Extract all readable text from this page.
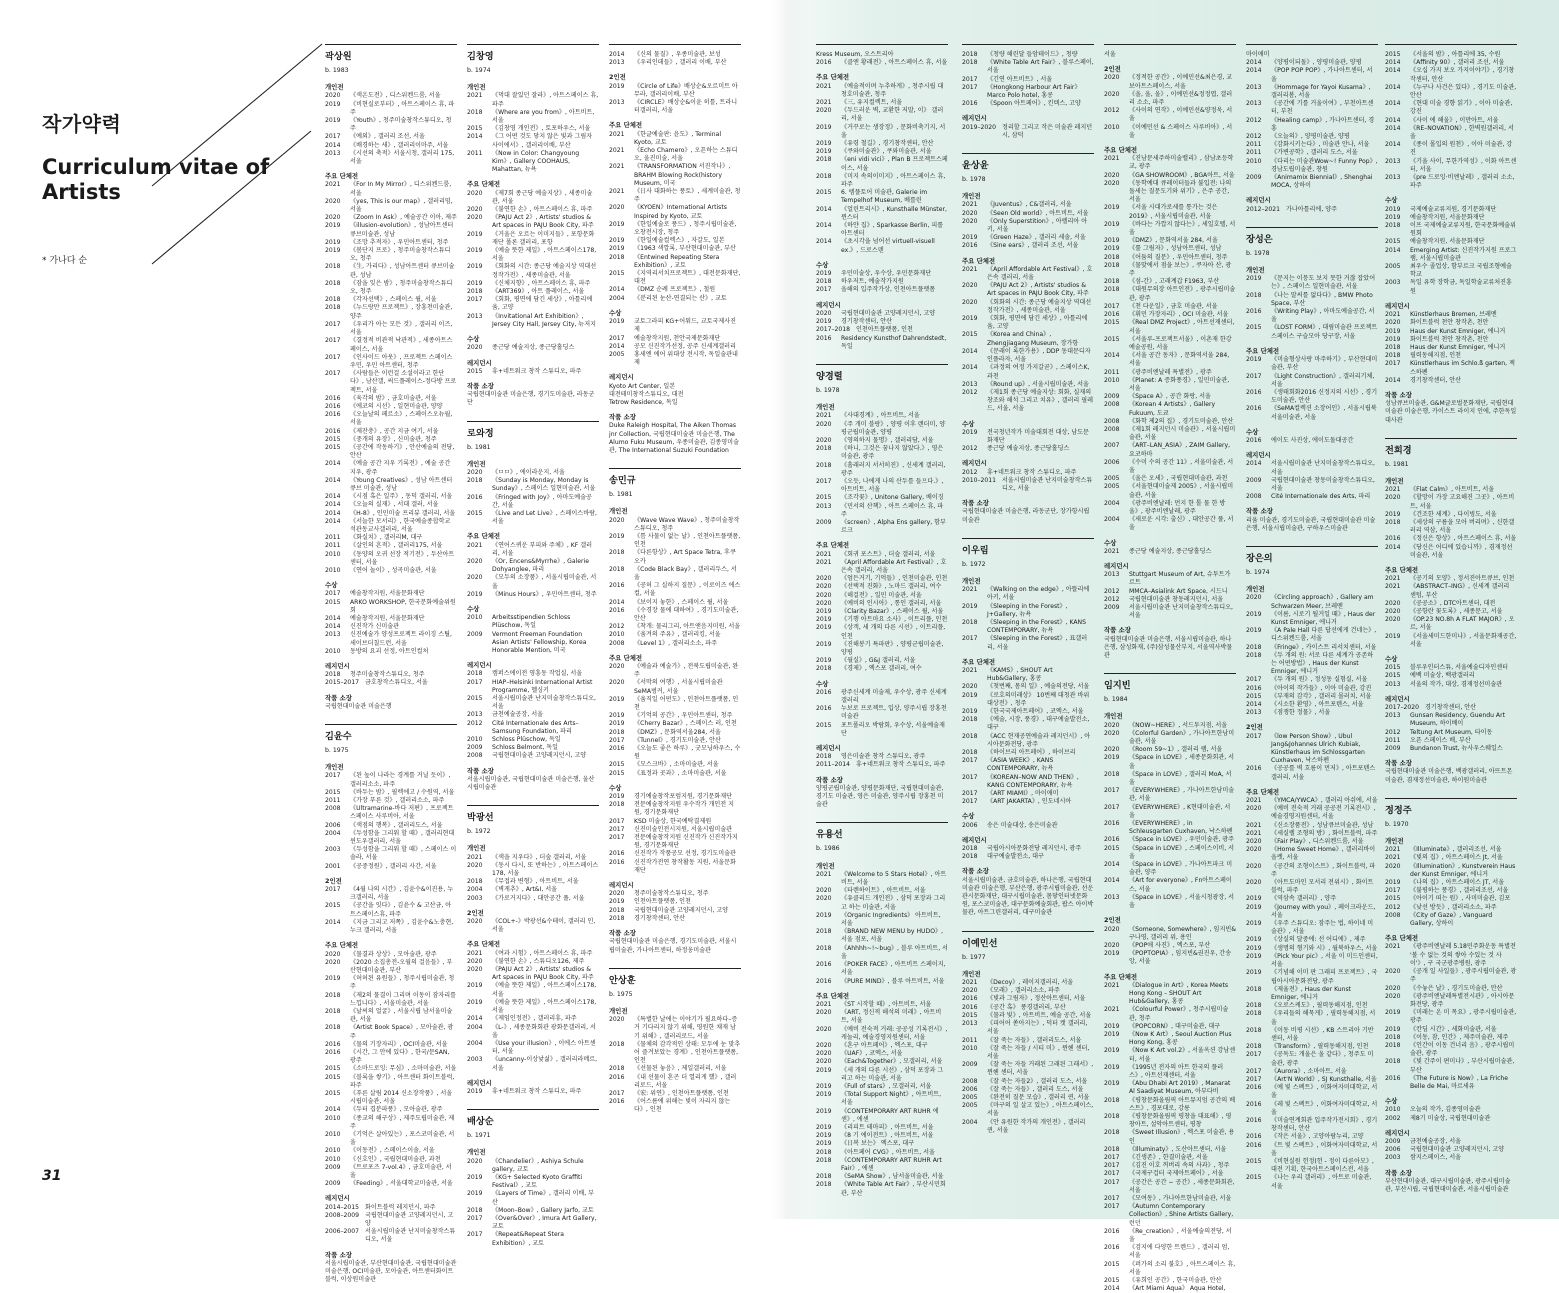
작가약력
Curriculum vitae of Artists

* 가나다 순

31

곽상원
b. 1983
개인전
2020	《색온도전》, 디스위켄드룸, 서울
2019	《비현실로부터》, 아트스페이스 휴, 파주
2019	《Youth》, 청주미술창작스튜디오, 청주
2017	《예외》, 갤러리 조선, 서울
2014	《배경하는 새》, 갤러리이마주, 서울
2013	《시선의 축적》서울시청, 갤러리 175, 서울
주요 단체전
2021	《For In My Mirror》, 디스위켄드룸, 서울
2020	《yes, This is our map》, 갤러리밈, 서울
2020	《Zoom In Ask》, 예술공간 이아, 제주
2019	《illusion-evolution》, 성남아트센터 큐브미술관, 성남
2019	《조망 추적자》, 우민아트센터, 청주
2019	《봄단지 프로》, 청주미술창작스튜디오, 청주
2018	《生, 가리다》, 성남아트센터 큐브미술관, 성남
2018	《잠을 잊은 밤》, 청주미술창작스튜디오, 청주
2018	《각자선택》, 스페이스 윌, 서울
2018	《누드랑만 프로젝트》, 장흥천미술관, 양주
2017	《우리가 아는 모든 것》, 갤러리 이즈, 서울
2017	《결정적 비관적 낙관적》, 세종아트스페이스, 서울
2017	《인사이드 아웃》, 프로젝트 스페이스 우민, 우민 아트센터, 청주
2017	《사람들은 이런걸 소설이라고 한단다》, 남산갤, 써드플레이스-정다방 프로젝트, 서울
2016	《육각의 밤》, 금호미술관, 서울
2016	《에코의 시선》, 일현미술관, 양양
2016	《오늘날의 페르소》, 스페이스오뉴월, 서울
2016	《제잔충》, 공간 지금 여기, 서울
2015	《중개의 유장》, 신미술관, 청주
2015	《공간에 작동하기》, 안산예술의 전당, 안산
2014	《예술 공간 지우 기록전》, 예술 공간 지우, 광주
2014	《Young Creatives》, 성남 아트센터 큐브 미술관, 성남
2014	《시점 혹은 일주》, 동덕 갤러리, 서울
2014	《오늘의 실재》, 서대 갤러, 서울
2014	《H-8》, 인민미술 프리뷰 갤러리, 서울
2014	《서늘한 모서리》, 한국예술종합학교 석관동교사갤러리, 서울
2011	《화실치》, 갤러리M, 대구
2011	《살인의 흔적》, 갤러리175, 서울
2010	《동양의 오귀 선장 적기전》, 두산아트센터, 서울
2010	《연어 놀이》, 성곡미술관, 서울
수상
2017	예술창작지원, 서울문화재단
2015	ARKO WORKSHOP, 한국문화예술위원회
2014	예술창작지원, 서울문화재단
2014	신진작가 신미술관
2013	신진예술가 양성프로젝트 라이징 스틸, 세이브더칠드런, 서울
2010	동방의 요괴 선정, 아트인컬처
레지던시
2018	청주미술창작스튜디오, 청주
2015–2017 금호창작스튜디오, 서울
작품 소장
국립현대미술관 미술은행
김윤수
b. 1975
개인전
2017	《된 높이 나라는 경계를 거닐 듯이》, 갤러리소소, 파주
2015	《바두는 밤》, 필렉에고 / 수원역, 서울
2011	《가장 푸른 것》, 갤러리소소, 파주
2008	《Ultramarine-바다 저편》, 프로젝트스페이스 사루비아, 서울
2006	《색점의 행복》, 갤러리도스, 서울
2004	《두성함을 그리워 할 때》, 갤러리현대 윈도우갤러리, 서울
2003	《두성함을 그리워 할 때》, 스페이스 이솔라, 서울
2001	《공중정원》, 갤러리 사간, 서울
2인전
2017	《4월 나의 시간》, 김윤수&이진용, 누크갤러리, 서울
2015	《공간을 잇다》, 김윤수 & 고산금, 아트스페이스휴, 파주
2014	《지금 그리고 저쪽》, 김윤수&노충현, 누크 갤러리, 서울
주요 단체전
2020	《물결과 상상》, 모아술관, 광주
2020	《2020 소집총전-오월의 걸음들》, 부산현대미술관, 부산
2019	《허허된 유원들》, 청주시립미술관, 청주
2018	《제2의 물결이 그리며 이동이 잠자리를 느낍니다》, 서울미술관, 서울
2018	《날씨의 얼굴》, 서울시립 남서울미술관, 서울
2018	《Artist Book Space》, 모아술관, 광주
2016	《물의 기장자리》, OCI미술관, 서울
2016	《시간, 그 안에 있다》, 한국/문SAN, 광주
2015	《소마드로잉: 무심》, 소마미술관, 서울
2015	《블록을 쌓기》, 아트센터 화이트블럭, 파주
2015	《푸른 살림 2014 신소장작품》, 서울시립미술관, 서울
2014	《두터 겹분파풍》, 모아술관, 광주
2010	《종교의 해구상》, 제주도립미술관, 제주
2010	《기억은 살아있는》, 포스코미술관, 서울
2010	《이동전》, 스페이스이솔, 서울
2010	《신호인》, 국립현대미술관, 과천
2009	《트로포즈 7-vol.4》, 금호미술관, 서울
2009	《Feeding》, 서울대학교미술관, 서울
레지던시
2014–2015 화이트블럭 레지던시, 파주
2008–2009 국립현대미술관 고양레지던시, 고양
2006–2007 서울시립미술관 난지미술창작스튜디오, 서울
작품 소장
서울시립미술관, 부산현대미술관, 국립현대미술관 미술은행, OCI미술관, 모아술관, 아트센터화이트블럭, 이상원미술관
김창영
b. 1974
개인전
2021	《먹대 잘있던 잘라》, 아트스페이스 휴, 파주
2018	《Where are you from》, 아트비트, 서울
2015	《김창영 개인전》, 토포하우스, 서울
2014	《그 어떤 것도 닿지 않은 빛과 그림자 사이에서》, 갤러리이배, 부산
2011	《Now in Color: Changyoung Kim》, Gallery COOHAUS, Mahattan, 뉴욕
주요 단체전
2020	《제7회 종근당 예술지상》, 세종미술관, 서울
2020	《불연한 손》, 아트스페이스 휴, 파주
2020	《PAJU Act 2》, Artists' studios & Art spaces in PAJU Book City, 파주
2019	《거울은 오르는 이미지들》, 포항문화재단 폴론 갤러리, 포항
2019	《예술 뜻한 제일》, 아트스페이스178, 서울
2019	《회화의 시간: 종근당 예술지상 역대선정작가전》, 세종미술관, 서울
2019	《신체지향》, 아트스페이스 휴, 파주
2018	《ART369》, 아트 플레이스, 서울
2017	《회화, 평면에 담긴 세상》, 아틀리에움, 고양
2013	《Invitational Art Exhibition》, Jersey City Hall, Jersey City, 뉴저지
수상
2020	종근당 예술지상, 종근당홀딩스
레지던시
2015	휴+네트워크 창작 스튜디오, 파주
작품 소장
국립현대미술관 미술은행, 경기도미술관, 라동군단
로와정
b. 1981
개인전
2020	《ㅁㅁ》, 에이라운지, 서울
2018	《Sunday is Monday, Monday is Sunday》, 스페이스 일현미술관, 서울
2016	《Fringed with Joy》, 아마도예술공간, 서울
2015	《Live and Let Live》, 스페이스바람, 서울
주요 단체전
2021	《연어스퀴운 부피와 주체》, KF 갤러리, 서울
2020	《Or, Encens&Myrrhe》, Galerie Dohyanglee, 파리
2020	《모두의 소장품》, 서울시립미술관, 서울
2019	《Minus Hours》, 우민아트센터, 청주
수상
2010	Arbeitsstipendien Schloss Plüschow, 독일
2009	Vermont Freeman Foundation Asian Artists' Fellowship, Korea Honorable Mention, 미국
레지던시
2018	캠퍼스에이전 영흥동 작업실, 서울
2017	HIAP–Helsinki International Artist Programme, 헬싱키
2015	서울시립미술관 난지미술창작스튜디오, 서울
2013	금천예술공장, 서울
2012	Cité Internationale des Arts–Samsung Foundation, 파리
2010	Schloss Plüschow, 독일
2009	Schloss Belmont, 독일
2008	국립현대미술관 고양레지던시, 고양
작품 소장
서울시립미술관, 국립현대미술관 미술은행, 울산시립미술관
박광선
b. 1972
개인전
2021	《색을 지우다》, 더숲 갤러리, 서울
2020	《동시 다시, 또 반하는》, 아트스페이스178, 서울
2018	《무접과 변형》, 아트비트, 서울
2004	《벽게추》, Art&I, 서울
2003	《가로거지다》, 대안공간 풀, 서울
2인전
2020	《COL+-》박광선&수테이, 갤러리 인, 서울
주요 단체전
2021	《여과 시험》, 아트스페이스 휴, 파주
2020	《불연한 손》, 스튜디오126, 제주
2020	《PAJU Act 2》, Artists' studios & Art spaces in PAJU Book City, 파주
2019	《예술 뜻한 제일》, 아트스페이스178, 서울
2019	《예술 뜻한 제일》, 아트스페이스178, 서울
2014	《제임인정전》, 갤러리휴, 파주
2004	《L-》, 세종문화회관 광화문갤러리, 서울
2004	《Use your illusion》, 이에스 아트센터, 서울
2003	《uncanny-이상낯섦》, 갤러리라메르, 서울
레지던시
2019	휴+네트워크 창작 스튜디오, 파주
배상순
b. 1971
개인전
2020	《Chandelier》, Ashiya Schule gallery, 교토
2019	《KG+ Selected Kyoto Graffiti Festival》, 교토
2019	《Layers of Time》, 갤러리 이배, 부산
2018	《Moon–Bow》, Gallery Jarfo, 교토
2017	《Over&Over》, Imura Art Gallery, 교토
2017	《Repeat&Repeat Stera Exhibition》, 교토
2014	《신의 물질》, 우종미술관, 보성
2013	《우리인데들》, 갤러리 이배, 부산
2인전
2019	《Circle of Life》배상순&오르미트 아무라, 갤러리이배, 부산
2013	《CIRCLE》배상순&이윤 히틀, 트라니터갤러리, 서울
주요 단체전
2021	《한글예술판: 윤도》, Terminal Kyoto, 교토
2021	《Echo Chamero》, 오픈하는 스튜디오, 울진미술, 서울
2021	《TRANSFORMATION 서진작나》, BRAHM Blowing Rock(history Museum, 미국
2021	《日사 대화하는 풍토》, 세계미술관, 청주
2020	《KYOEN》International Artists Inspired by Kyoto, 교토
2019	《한일예술로 풍드》, 청주시립미술관, 오창전시장, 청주
2019	《한일예술컬렉스》, 자갈도, 일본
2019	《1963 색깔록, 부산현대미술관, 부산
2018	《Entwined Repeating Stera Exhibition》, 교토
2015	《지역리서치프로젝트》, 대전문화재단, 대전
2014	《DMZ 순례 프로젝트》, 철원
2004	《분리된 눈산-연결되는 산》, 교토
수상
2019	교토그라피 KG+어워드, 교토국제사진제
2017	예술창작지원, 천안국제문화재단
2014	공모 신진작가선정, 공주 신세계갤러리
2005	홍세엔 에어 위대상 전시작, 독일술관내제
레지던시
Kyoto Art Center, 일본
대전테미창작스튜디오, 대전
Tetrow Residence, 독일
작품 소장
Duke Raleigh Hospital, The Aiken Thomas jnr Collection, 국립현대미술관 미술은행, The Alumo Fuku Museum, 우종미술관, 김종영미술관, The International Suzuki Foundation
송민규
b. 1981
개인전
2020	《Wave Wave Wave》, 청주미술창작스튜디오, 청주
2019	《틈 사물이 없는 날》, 인천아트플랫폼, 인천
2018	《다른항상》, Art Space Tetra, 후쿠오카
2018	《Code Black Bay》, 갤러리두스, 서울
2016	《공허 그 실하지 질문》, 이로이즈 에스컬, 서울
2014	《보이지 놓한》, 스페이스 윌, 서울
2016	《수경장 물에 대하여》, 경기도미술관, 안산
2012	《착개: 물리그리, 아트앤음지미원, 서울
2010	《움겨의 주유》, 갤러리킹, 서울
2008	《Level 1》, 갤러리소소, 파주
주요 단체전
2020	《예술과 예술가》, 전북도립미술관, 완주
2020	《서막의 여행》, 서울시립미술관 SeMA벙커, 서울
2019	《움직일 어떤도》, 인천아트플랫폼, 인천
2019	《기억의 공간》, 우민아트센터, 청주
2019	《Cherry Bazar》, 스페이스 러, 인천
2018	《DMZ》, 문화역서울284, 서울
2017	《Tunnel》, 경기도미술관, 안산
2016	《오늘도 좋은 하루》, 굿모닝하우스, 수원
2015	《모스크바》, 소마미술관, 서울
2015	《표정과 곳과》, 소마미술관, 서울
수상
2019	경기예술창작포럼지원, 경기문화재단
2018	전문예술창작지원 우수작가 개인전 지원, 경기문화재단
2017	KSD 미술상, 한국예탁결제원
2017	신진미술인전시지원, 서울시립미술관
2017	전문예술창작지원 신진작가 신진작가지원, 경기문화재단
2016	신진작가 작품공모 선정, 경기도미술관
2016	신진작가전연 창작활동 지원, 서울문화재단
레지던시
2020	청주미술창작스튜디오, 청주
2019	인천아트플랫폼, 인천
2018	국립현대미술관 고양레지던시, 고양
2018	경기창작센터, 안산
작품 소장
국립현대미술관 미술은행, 경기도미술관, 서울시립미술관, 가나아트센터, 하정웅미술관
안상훈
b. 1975
개인전
2020	《특별한 날에는 이야기가 필요하다–증거 기다리지 않기 위해, 영원한 채재 남기 위해》, 갤러리로드, 서울
2018	《물체의 감각적인 상태: 모두에 눈 맞추어 즐겨보았는 경계》, 인천아트플랫폼, 인천
2018	《선물된 놓음》, 제일갤러리, 서울
2016	《내 선물이 혼곤 더 열리게 했》, 갤러리로드, 서울
2017	《宏: 위연》, 인천아트플랫폼, 인천
2016	《어스름에 위해는 빛이 자리지 않는다》, 인천
Kress Museum, 오스트리아
2016	《클엔 황래전》, 아트스페이스 휴, 서울
주요 단체전
2021	《예술적이며 누추하게》, 청주시립 대청호미술관, 청주
2021	《三, 유지컬렉트, 서울
2020	《두드러운 벽, 교환한 저말, 이》 갤러리, 서울
2019	《거꾸로는 생장정》, 문화비축기지, 서울
2019	《유령 철길》, 경기창작센터, 안산
2019	《쿠와미술관》, 쿠와미술관, 서울
2018	《eni vidi vici》, Plan B 프로젝트스페이스, 서울
2018	《미지 속의이미지》, 아트스페이스 휴, 파주
2015	6. 템플토어 미술관, Galerie im Tempelhof Museum, 베를린
2014	《얼린트리시》, Kunsthalle Münster, 뮌스터
2014	《하얀 집》, Sparkasse Berlin, 피롤아트센터
2014	《초시각을 넘어선 virtuell-visuell ex.》, 드로스덴
수상
2019	우민미술상, 우수상, 우민문화재단
2018	하우저트, 예술작가지원
2017	올해의 입주작가상, 인천아트플랫폼
레지던시
2020	국립현대미술관 고양레지던시, 고양
2019	경기창작센터, 안산
2017–2018 인천아트플랫폼, 인천
2016	Residency Kunsthof Dahrendstedt, 독일
양경렬
b. 1978
개인전
2021	《사대경계》, 아트비트, 서울
2020	《주 개미 블랑》, 양평 이후 랜더미, 양평군립미술관, 양평
2020	《영의하지 물명》, 갤러리담, 서울
2018	《하니, 그것은 꿈나지 않았다.》, 영은미술관, 광주
2018	《흘래러지 서서히진》, 신세계 갤러리, 광주
2017	《오듯, 나에게 나의 산두를 들으다.》, 아트비트, 서울
2015	《조각꽃》, Unitone Gallery, 베이징
2013	《민서의 산책》, 아트 스페이스 휴, 파주
2009	《screen》, Alpha Ens gallery, 함부르크
주요 단체전
2021	《회귀 포스트》, 더숲 갤러리, 서울
2021	《April Affordable Art Festival》, 호은속 갤러리, 서울
2020	《엄든거기, 기억들》, 인천미술관, 인천
2020	《선택적 진화》, 노마드 갤러리, 여수
2020	《해걸전》, 일민 미술관, 서울
2020	《예비의 인시아》, 통인 갤러리, 서울
2019	《Clarity Bazar》, 스페이스 윌, 서울
2019	《기행 아트마요 소사》, 이트리플, 인천
2019	《상객, 세 개의 다른 시선》, 이트리플, 인천
2019	《진해봉기 특파판》, 양평군립미술관, 양평
2019	《월실》, G&J 갤러리, 서울
2018	《경제》, 엑스포 갤러리, 여수
수상
2016	광주신세계 미술제, 우수상, 광주 신세계갤러리
2016	누보로 프로젝트, 입상, 양주시립 장홍천 미술관
2015	포트폴리오 박람회, 우수상, 서울예술재단
레지던시
2018	영은미술관 창작 스튜디오, 광주
2011–2014 휴+네트워크 창작 스튜디오, 파주
작품 소장
양평군립미술관, 양평문화재단, 국립현대미술관, 경기도 미술관, 영은 미술관, 양주시립 장홍천 미술관
유용선
b. 1986
개인전
2021	《Welcome to 5 Stars Hotel》, 아트비트, 서울
2020	《타렌하이트》, 아트비트, 서울
2020	《유클리드 개인전》, 삼덕 포장과 그리고 하는 미술관, 서울
2019	《Organic Ingredients》 아트비트, 서울
2018	《BRAND NEW MENU by HUDO》, 서울 점포, 서울
2018	《Ahhhh~!~bug》, 블루 아트비트, 서울
2016	《POKER FACE》, 아트비트 스페이지, 서울
2016	《PURE MIND》, 블루 아트비트, 서울
주요 단체전
2021	《ST 시작할 때》, 아트비트, 서울
2020	《ART, 정신적 해석의 미래》, 아트비트, 서울
2020	《예비 전숙적 거래: 공공성 기록전시》, 캐놀리, 예술경영지원센터, 서울
2020	《혼구 아트페어》, 엑스포, 대구
2020	《UAF》, 코엑스, 서울
2020	《Each&Together》, 모갤러리, 서울
2019	《세 개의 다른 시선》, 삼덕 포장과 그리고 하는 미술관, 서울
2019	《Full of stars》, 모갤러리, 서울
2019	《Total Support Night》, 아트비트, 서울
2019	《CONTEMPORARY ART RUHR 에센》, 에센
2019	《리피트 테마피》, 아트비트, 서울
2019	《8 기 에이전트》, 아트비트, 서울
2019	《日복 보는》 엑스포, 대구
2018	《아트페어 CVG》, 아트비트, 서울
2018	《CONTEMPORARY ART RUHR Art Fair》, 에센
2018	《SeMA Show》, 남서울미술관, 서울
2018	《White Table Art Fair》, 부산시민회관, 부산
2018	《청량 해린달 들암테이드》, 청량
2018	《White Table Art Fair》, 블루스페이, 서울
2017	《긴연 아트비트》, 서울
2017	《Hongkong Harbour Art Fair》 Marco Polo hotel, 홍콩
2016	《Spoon 아트페어》, 킨텍스, 고양
레지던시
2019–2020 정리할 그리고 작은 미술관 레지던시, 삼덕
윤상윤
b. 1978
개인전
2021	《Juventus》, C&갤러리, 서울
2020	《Seen Old world》, 아트비트, 서울
2020	《Only Superstition》, 아렐리아 아키, 서울
2019	《Green Haze》, 갤러리 세솔, 서울
2016	《Sine ears》, 갤러리 조선, 서울
주요 단체전
2021	《April Affordable Art Festival》, 호은속 갤러리, 서울
2020	《PAJU Act 2》, Artists' studios & Art spaces in PAJU Book City, 파주
2020	《회화의 시간: 종근당 예술지상 역대선정작가전》, 세종미술관, 서울
2019	《회화, 평면에 담긴 세상》, 아틀리에움, 고양
2015	《Korea and China》, Zhengjiagang Museum, 장가항
2014	《문래이 록한가용》, DDP 동대문디자인플라자, 서울
2014	《과정의 여정 가지갈곧》, 스페이스K, 과천
2013	《Round up》, 서울시립미술관, 서울
2012	《제1회 종근당 예술지상: 회화, 실재의 창조와 해석 그리고 치유》, 갤러리 필레드, 서울, 서울
수상
2019	전국청년작가 미술대회전 대상, 남도문화재단
2012	종근당 예술지상, 종근당홀딩스
레지던시
2012	휴+네트워크 창작 스튜디오, 파주
2010–2011 서울시립미술관 난지미술창작스튜디오, 서울
작품 소장
국립현대미술관 미술은행, 라동군단, 장가항시립미술관
이우림
b. 1972
개인전
2021	《Walking on the edge》, 아뜰리에 아키, 서울
2019	《Sleeping in the Forest》, J+Gallery, 뉴욕
2018	《Sleeping in the Forest》, KANS CONTEMPORARY, 뉴욕
2017	《Sleeping in the Forest》, 표갤러리, 서울
주요 단체전
2021	《KAMS》, SHOUT Art Hub&Gallery, 홍콩
2020	《첫번째, 몸의 일》, 예술의전당, 서울
2019	《로호의미래상》 10번째 대청관 바위 대상전》, 청주
2019	《한국국제아트페어》, 코엑스, 서울
2018	《예술, 시장, 풍경》, 대구예술발전소, 대구
2018	《ACC 현재공연예술과 레지던시》, 아시아문화전당, 광주
2018	《하이브리 아트페어》, 하이브리
2017	《ASIA WEEK》, KANS CONTEMPORARY, 뉴욕
2017	《KOREAN–NOW AND THEN》, KANG CONTEMPORARY, 뉴욕
2017	《ART MIAMI》, 마이애미
2017	《ART JAKARTA》, 인도네시아
수상
2006	송은 미술대상, 송은미술관
레지던시
2018	국립아시아문화전당 레지던시, 광주
2018	대구예술발전소, 대구
작품 소장
서울시립미술관, 금호미술관, 하나은행, 국립현대미술관 미술은행, 부산은행, 광주시립미술관, 선운관시문화재단, 대구시립미술관, 몸닿인터넷문화원, 포스코미술관, 대구문화예술회관, 팝스 아이박물관, 아트그린갤러리, 대구미술관
이예민선
b. 1977
개인전
2021	《Decoy》, 레이지갤러리, 서울
2020	《모래》, 갤러리소소, 파주
2016	《빛과 그림자》, 정산아트센터, 서울
2016	《공간 혹》 풍경갤러리, 부산
2015	《물과 빛》, 아트비트, 예술 공간, 서울
2013	《피어어 쏟아지는》, 덕터 캣 갤러리, 서울
2011	《잘 죽는 자들》, 갤러리도스, 서울
2010	《잘 죽는 자들 / 시티 미》, 뮌헨 센터, 서울
2009	《잘 죽는 자들 거래된 그래된 그래서》, 뮌헨 센터, 서울
2008	《잘 죽는 자들2》, 갤러리 도스, 서울
2006	《잘 죽는 자들》, 갤러리 도스, 서울
2005	《완전히 질문 모습》, 갤러리 퀸, 서울
2005	《마구의 일 살고 있는》, 아트스페이스, 서울
2004	《안 유원한 작가의 개인전》, 갤러리 퀸, 서울
서울
2인전
2020	《정적한 공간》, 이예민선&최은경, 교보아트스페이스, 서울
2020	《올, 올, 올》, 이예민선&정정엽, 갤러리 소소, 파주
2012	《사이의 연작》, 이예민선&양정욱, 서울
2010	《이예민선 & 스페이스 사루비아》, 서울
주요 단체전
2021	《진남문세주하미술밸리》, 삼남초등학교, 광주
2020	《GA SHOWROOM》, BGA아트, 서울
2020	《동학예대 큐레이터들과 불입전: 나의 돌세는 질문도기와 위기》, 은주 공간, 서울
2019	《서울 시대가로세를 통가는 것은 2019》, 서울시립미술관, 서울
2019	《바다는 가깝지 않다는》, 세일호텔, 서울
2019	《DMZ》, 문화역서울 284, 서울
2019	《룰 그림자》, 성남아트센터, 성남
2018	《어둠의 질문》, 우민아트센터, 청주
2018	《물맞에서 점을 보는》, 쿠자아 산, 광주
2018	《섬-간》, 고래계갑 F1963, 부산
2018	《대원무의장 아트인전》, 광주시립미술관, 광주
2017	《천 다운일》, 금호 미술관, 서울
2016	《휘민 가장자리》, OCI 미술관, 서울
2015	《Real DMZ Project》, 아트선재센터, 서울
2015	《서울루-프로젝트서울》, 이촌재 한강예술공원, 서울
2014	《서울 공간 동자》, 문화역서울 284, 서울
2011	《광주비엔날레 특별전》, 광주
2010	《Planet: A 증화풍경》, 일민미술관, 서울
2009	《Space A》, 공간 화랑, 서울
2008	《Korean 4 Artists》, Gallery Fukuum, 도쿄
2008	《화학 제2의 집》, 경기도미술관, 안산
2008	《제1회 레지던시 미술관》, 서울시립미술관, 서울
2007	《ART–LAN_ASIA》, ZAIM Gallery, 요코하마
2006	《수미 수의 공간 11》, 서울미술관, 서울
2005	《울은 오세》, 국립현대미술관, 과천
2005	《서울현대미술제 2005》, 서울시립미술관, 서울
2004	《광주비엔날레: 먼지 한 톨 물 한 방울》, 광주비엔날레, 광주
2004	《새로운 시각: 출신》, 대안공간 풀, 서울
수상
2021	종근당 예술지상, 종근당홀딩스
레지던시
2013	Stuttgart Museum of Art, 슈투트가르트
2012	MMCA–Asialink Art Space, 시드니
2012	국립현대미술관 창동레지던시, 서울
2009	서울시립미술관 난지미술창작스튜디오, 서울
작품 소장
국립현대미술관 미술은행, 서울시립미술관, 하나은행, 삼성화재, (주)삼성물산부지, 서울역사박물관
임지빈
b. 1984
개인전
2020	《NOW~HERE》, 서드투지점, 서울
2020	《Colorful Garden》, 가나아트한남미술관, 서울
2020	《Room 59~1》, 갤러리 램, 서울
2019	《Space in LOVE》, 세종문화회관, 서울
2018	《Space in LOVE》, 갤러리 MoA, 서울
2017	《EVERYWHERE》, 가나아트한남미술관, 서울
2017	《EVERYWHERE》, K현대미술관, 서울
2016	《EVERYWHERE》, in Schleusgarten Cuxhaven, 낙스하펜
2016	《Space in LOVE》, 우민미술관, 광주
2015	《Space in LOVE》, 스페이스이비, 서울
2014	《Space in LOVE》, 가나아트파크 미술관, 양주
2014	《Art for everyone》, Fn아트스페이스, 서울
2013	《Space in LOVE》, 서울시청광장, 서울
2인전
2020	《Someone, Somewhere》, 임지빈&구나영, 갤러리 위, 용인
2020	《POP애 사진》, 엑스포, 부산
2019	《POPTOPIA》, 임지빈&권진우, 간송앙, 서울
주요 단체전
2021	《Dialogue in Art》, Korea Meets Hong Kong – SHOUT Art Hub&Gallery, 홍콩
2021	《Colourful Power》, 청주시립미술관, 청주
2019	《POPCORN》, 대구미술관, 대구
2019	《Now K Art》, Seoul Auction Plus Hong Kong, 홍콩
2019	《Now K Art vol.2》, 서울옥션 강남센터, 서울
2019	《1995년 전자의 아트 한국의 플러스》, 아트선재센터, 서울
2019	《Abu Dhabi Art 2019》, Manarat Al Saadiyat Museum, 아부다비
2018	《평창문화올림픽 아트뮤지엄 공간의 베스트》, 경포대로, 강릉
2018	《평창문화올림픽 평창을 대표해》, 평창아트, 설악아트센터, 평창
2018	《Sweet Illusion》, 엑스포 미술관, 용인
2018	《Illuminaty》, 도산아트센터, 서울
2017	《긴생존》, 한결미술관, 서울
2017	《김진 이호 꺼버리 속의 사과》, 청주
2017	《국제구겁터 국제아트페어》, 서울
2017	《공간은 공간 − 공간》, 세종문화회관, 서울
2017	《모여동》, 가나아트한남미술관, 서울
2017	《Autumn Contemporary Collection》, Shine Artists Gallery, 런던
2016	《Re_creation》, 서울예술의전당, 서울
2016	《검지에 다양한 트렌드》, 갤러리 엄, 서울
2015	《퍼가의 소리 불호》, 아트스페이스 휴, 서울
2015	《유희인 공간》, 한국미술관, 안산
2014	《Art Miami Aqua》 Aqua Hotel,
마이애미
2014	《양평이되돌》, 양평미술관, 양평
2014	《POP POP POP》, 가나아트센터, 서울
2013	《Hommage for Yayoi Kusama》, 갤러리봄, 서울
2013	《공간에 기를 거울이여》, 부천아트센터, 부천
2012	《Healing camp》, 가나아트센터, 경흥
2012	《오늘의》, 양평미술관, 양평
2011	《감화시키는다》, 미술관 안나, 서울
2011	《가변공학》, 갤러리 도스, 서울
2010	《다리는 미술관Wow~! Funny Pop》, 경남도립미술관, 창원
2009	《Animamix Biennial》, Shenghai MOCA, 상하이
레지던시
2012–2021 가나아틀리에, 양주
장성은
b. 1978
개인전
2019	《문지는 이뭉도 보지 못한 거잖 잡았어는》, 스페이스 일현미술관, 서울
2018	《나는 말씨를 없다다》, BMW Photo Space, 부산
2016	《Writing Play》, 아마도예술공간, 서울
2015	《LOST FORM》, 대림미술관 프로젝트 스페이스 구슬모아 당구장, 서울
주요 단체전
2019	《미술형상사랑 마주하기》, 부산현대미술관, 부산
2017	《Light Construction》, 갤러리기체, 서울
2016	《생태회화2016 신정지의 시선》, 경기도미술관, 안산
2016	《SeMA컬렉션 소장어인》, 서울시립북서울미술관, 서울
수상
2016	에이도 사진상, 에이도돌대공간
레지던시
2014	서울시립미술관 난지미술창작스튜디오, 서울
2009	국립현대미술관 창동미술창작스튜디오, 서울
2008	Cité Internationale des Arts, 파리
작품 소장
리움 미술관, 경기도미술관, 국립현대미술관 미술은행, 서울시립미술관, 구하우스미술관
장은의
b. 1974
개인전
2020	《Circling approach》, Gallery am Schwarzen Meer, 브레멘
2019	《이름, 시로기 될거일 때》, Haus der Kunst Emniger, 에니거
2019	《A Pale Hall 다른 답선에게 건네는》, 디스위켄드룸, 서울
2018	《Fringe》, 카이스트 리서치센터, 서울
2018	《두 개의 원: 서로 다른 세계가 공존하는 어떤방법》, Haus der Kunst Emniger, 에니거
2017	《두 개의 원》, 정성동 실험실, 서울
2016	《아이의 작가들》, 이아 미술관, 강진
2015	《부재의 감각》, 갤러리 몰러치, 서울
2014	《시소한 환영》, 아트포텐스, 서울
2013	《점쟁한 정물》, 서울
2인전
2017	《low Person Show》, Ubul Jang&Johannes Ulrich Kubiak, Künstlerhaus im Schlossgarten Cuxhaven, 낙스하펜
2016	《공공를 벽 흐름이 먼저》, 아트포텐스 갤러리, 서울
주요 단체전
2021	《YMCA/YWCA》, 갤러리 아쉬에, 서울
2020	《예비 전숙적 거래 공공전 기록전시》, 예술경영지원센터, 서울
2021	《신소장품전》, 성남큐브미술관, 성남
2021	《세실렐 조형의 방》, 화이트블럭, 파주
2020	《Fair Play》, 디스위켄드룸, 서울
2020	《Home Sweet Home》, 갤러리바이올렛, 서울
2020	《공간의 조형이스트》, 화이트블럭, 파주
2020	《아트도마인 모서리 전위시》, 화이트블럭, 파주
2019	《역삼속 갤러리》, 양주
2019	《Journey with you》, 페이크라운드, 서울
2019	《우주 스튜디오: 잠주는 법, 하이네 미술관》, 서울
2019	《상실의 달중에: 선 어디에》, 제주
2019	《생명의 형기와 시》, 월북하우스, 서울
2019	《Pick Your pic》, 서울 이 미드인센터, 서울
2019	《기념해 이미 판 그래피 프로젝트》, 국립아시아문화전당, 광주
2018	《제율전》, Haus der Kunst Emniger, 에니거
2018	《오로스케도》, 필력동해지점, 인천
2018	《우리들의 해묵게》, 필력동해지점, 서울
2018	《이동 비평 시선》, KB 스트리아 기반 센터, 서울
2018	《Transform》, 필력동해지점, 인천
2017	《공독도: 개울은 올 같다》, 청주도 미술관, 광주
2017	《Aurora》, 소마아트, 서울
2017	《Art'N World》, SJ Kunsthalle, 서울
2016	《예 빛 스펙트》, 이화여자미대학교, 서울
2016	《레 빛 스펙트》, 이화여자미대학교, 서울
2016	《미술연계회관 입주작가전시회》, 경기창작센터, 안산
2016	《작은 서울》, 고양아람누리, 고양
2016	《트 빛 스펙트》, 이화여자미대학교, 서울
2015	《비현실원 헌정(헌 - 정이 다른아모》, 대전 기획, 한국아트스페이스전, 서울
2015	《나는 우리 갤러리》, 아트로 미술관, 서울
2015	《서울의 밤》, 아틀리에 35, 수원
2014	《Affinity 90》, 갤러리 조선, 서울
2014	《오십 가지 보오 가지이야기》, 경기창작센터, 안산
2014	《누구나 사건은 있다》, 경기도 미술관, 안산
2014	《현대 미술 경향 읽기》, 이아 미술관, 강진
2014	《사이 에 해울》, 이만아트, 서울
2014	《RE–NOVATION》, 한벽원갤러리, 서울
2014	《종이 몰입의 원천》, 이아 미술관, 강진
2013	《기울 사이, 무한가역성》, 이화 아트센터, 서울
2013	《pre 드로잉·비엔날레》, 갤러리 소소, 파주
수상
2019	국제예술교류지원, 경기문화재단
2019	예술창작지원, 서울문화재단
2018	이프 국제예술교류지원, 한국문화예술위원회
2015	예술창작지원, 서울문화재단
2014	Emerging Artist: 신진작가지원 프로그램, 서울시립미술관
2005	최우수 졸업상, 함부르크 국립조형예술학교
2003	독일 유학 장학금, 독일학술교류처진흥원
레지던시
2021	Künstlerhaus Bremen, 브레멘
2020	화이트블럭 천안 창작촌, 천안
2019	Haus der Kunst Emniger, 에니거
2019	화이트블럭 천안 창작촌, 천안
2018	Haus der Kunst Emniger, 에니거
2018	필력동해지점, 인천
2017	Künstlerhaus im Schlo.ß garten, 젝스하펜
2014	경기창작센터, 안산
작품 소장
성남큐브미술관, G&M글로벌문화재단, 국립현대미술관 미술은행, 카이스트 라이지 인에, 주한독일대사관
전희경
b. 1981
개인전
2021	《Flat Calm》, 아트비트, 서울
2020	《할망이 가장 고요해진 그곳》, 아트비트, 서울
2019	《건조한 세계》, 다이빙도, 서울
2018	《세상의 구름을 모아 버리며》, 신한갤러리 역삼, 서울
2016	《정신은 항상》, 아트스페이스 휴, 서울
2014	《당신은 어디에 있습니까》, 겸재정선미술관, 서울
주요 단체전
2021	《공기의 모양》, 정서진아트큐브, 인천
2021	《ABSTRACT–ING》, 신세계 갤러리 센텀, 부산
2020	《공공소》, DTC아트센터, 대전
2020	《공항란 꽃도록》, 세종문고, 서울
2020	《OP.23 NO.8h A FLAT MAJOR》, 오르, 서울
2019	《서울세미드한미나》, 서울문화재공간, 서울
수상
2015	블루우인터스튜, 서울예술디자인센터
2015	예백 미술상, 백광갤러리
2013	서울의 작가, 대상, 겸재정선미술관
레지던시
2017–2020 경기창작센터, 안산
2013	Gunsan Residency, Guendu Art Museum, 하이베이
2012	Teltung Art Museum, 타이동
2011	오픈 스페이스 배, 부산
2009	Bundanon Trust, 뉴사우스웨일스
작품 소장
국립현대미술관 미술은행, 백광갤러리, 아뜨트몬미술관, 겸재정선미술관, 하이원미술관
정정주
b. 1970
개인전
2021	《Illuminate》, 갤러리조선, 서울
2021	《빛의 집》, 아트스페이스 Jt, 서울
2020	《Illumination》, Kunstverein Haus der Kunst Emniger, 에니거
2019	《나의 집》, 아트스페이스 JT, 서울
2017	《불평하는 풍경》, 갤러리조선, 서울
2015	《아이기 떠는 원》, 사미미술관, 김포
2012	《낮선 방듯》, 갤러리소소, 파주
2008	《City of Gaze》, Vanguard Gallery, 상하이
주요 단체전
2021	《광주비엔날레 5.18민주화운동 특별전 '볼 수 없는 것의 쌓아 수있는 것 사이'》, 구 국군광주병원, 광주
2020	《공개 일 사일들》, 광주시립미술관, 광주
2020	《수놓은 날》, 경기도미술관, 안산
2020	《광주비엔날레특별전시관》, 아시아문화전당, 광주
2019	《미래는 온 미 목요》, 광주시립미술관, 광주
2019	《칸딤 시간》, 세화미술관, 서울
2018	《이동, 잠, 인간》, 제주미술관, 제주
2018	《인간이 이동 건너리 음》, 광주시립미술관, 광주
2018	《빛 간주이 편미나》, 부산시립미술관, 부산
2016	《The Future is Now》, La Friche Belle de Mai, 마르세유
수상
2010	오늘의 작가, 김종영미술관
2002	제8기 미술상, 국립현대미술관
레지던시
2009	금천예술공장, 서울
2006	국립현대미술관 고양레지던시, 고양
2003	쌈지스페이스, 서울
작품 소장
부산현대미술관, 대구시립미술관, 광주시립미술관, 부산시립, 국립현대미술관, 서울시립미술관
